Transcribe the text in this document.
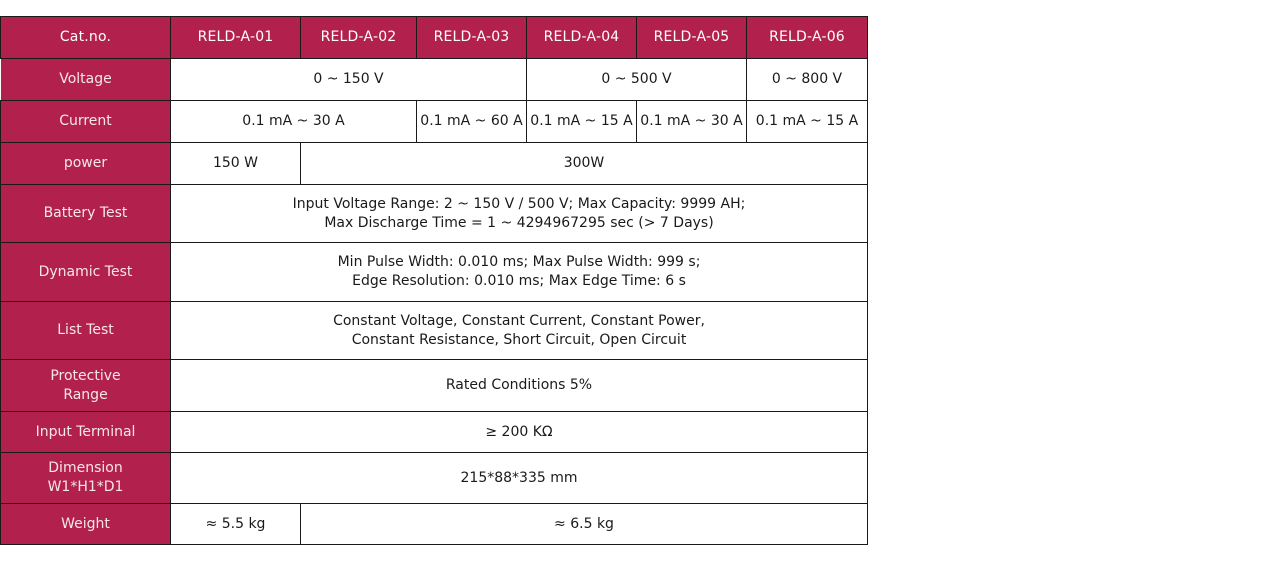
Cat.no.	RELD-A-01	RELD-A-02	RELD-A-03	RELD-A-04	RELD-A-05	RELD-A-06
Voltage	0 ~ 150 V			0 ~ 500 V		0 ~ 800 V
Current	0.1 mA ~ 30 A		0.1 mA ~ 60 A	0.1 mA ~ 15 A	0.1 mA ~ 30 A	0.1 mA ~ 15 A
power	150 W	300W				
Battery Test	Input Voltage Range: 2 ~ 150 V / 500 V; Max Capacity: 9999 AH;
Max Discharge Time = 1 ~ 4294967295 sec (> 7 Days)					

Dynamic Test	Min Pulse Width: 0.010 ms; Max Pulse Width: 999 s;
Edge Resolution: 0.010 ms; Max Edge Time: 6 s					

List Test	Constant Voltage, Constant Current, Constant Power,
Constant Resistance, Short Circuit, Open Circuit					

Protective
Range	Rated Conditions 5%					
Input Terminal	≥ 200 KΩ					

Dimension
W1*H1*D1	215*88*335 mm					
Weight	≈ 5.5 kg	≈ 6.5 kg				
